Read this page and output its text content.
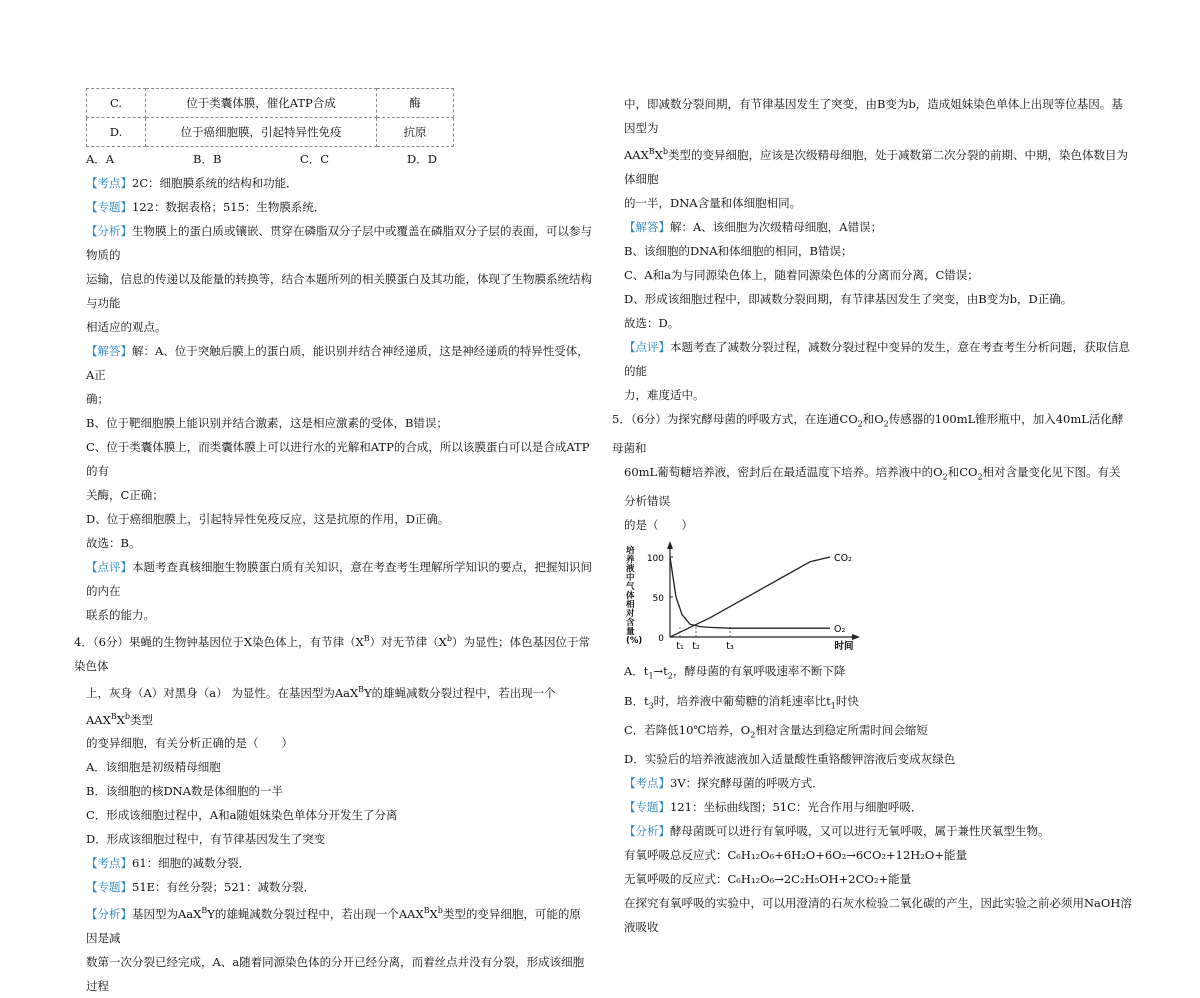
C.	位于类囊体膜，催化ATP合成	酶
D.	位于癌细胞膜，引起特异性免疫	抗原
A．A	B．B	C．C	D．D

【考点】2C：细胞膜系统的结构和功能．

【专题】122：数据表格；515：生物膜系统．

【分析】生物膜上的蛋白质或镶嵌、贯穿在磷脂双分子层中或覆盖在磷脂双分子层的表面，可以参与物质的

运输，信息的传递以及能量的转换等，结合本题所列的相关膜蛋白及其功能，体现了生物膜系统结构与功能

相适应的观点。

【解答】解：A、位于突触后膜上的蛋白质，能识别并结合神经递质，这是神经递质的特异性受体，A正

确；

B、位于靶细胞膜上能识别并结合激素，这是相应激素的受体，B错误；

C、位于类囊体膜上，而类囊体膜上可以进行水的光解和ATP的合成，所以该膜蛋白可以是合成ATP的有

关酶，C正确；

D、位于癌细胞膜上，引起特异性免疫反应，这是抗原的作用，D正确。

故选：B。

【点评】本题考查真核细胞生物膜蛋白质有关知识，意在考查考生理解所学知识的要点，把握知识间的内在

联系的能力。

4．（6分）果蝇的生物钟基因位于X染色体上，有节律$(X^B)$对无节律$(X^b)$为显性；体色基因位于常染色体

上，灰身（A）对黑身（a） 为显性。在基因型为AaX$^B$Y的雄蝇减数分裂过程中，若出现一个$AAX^BX^b$类型

的变异细胞，有关分析正确的是（　　）

A．该细胞是初级精母细胞

B．该细胞的核DNA数是体细胞的一半

C．形成该细胞过程中，A和a随姐妹染色单体分开发生了分离

D．形成该细胞过程中，有节律基因发生了突变

【考点】61：细胞的减数分裂．

【专题】51E：有丝分裂；521：减数分裂．

【分析】基因型为AaX$^B$Y的雄蝇减数分裂过程中，若出现一个$AAX^BX^b$类型的变异细胞，可能的原因是减

数第一次分裂已经完成，A、a随着同源染色体的分开已经分离，而着丝点并没有分裂，形成该细胞过程

中，即减数分裂间期，有节律基因发生了突变，由B变为b，造成姐妹染色单体上出现等位基因。基因型为

$AAX^BX^b$类型的变异细胞，应该是次级精母细胞，处于减数第二次分裂的前期、中期，染色体数目为体细胞

的一半，DNA含量和体细胞相同。

【解答】解：A、该细胞为次级精母细胞，A错误；

B、该细胞的DNA和体细胞的相同，B错误；

C、A和a为与同源染色体上，随着同源染色体的分离而分离，C错误；

D、形成该细胞过程中，即减数分裂间期，有节律基因发生了突变，由B变为b，D正确。

故选：D。

【点评】本题考查了减数分裂过程，减数分裂过程中变异的发生，意在考查考生分析问题，获取信息的能

力，难度适中。

5．（6分）为探究酵母菌的呼吸方式，在连通$CO_2$和$O_2$传感器的100mL锥形瓶中，加入40mL活化酵母菌和

60mL葡萄糖培养液，密封后在最适温度下培养。培养液中的$O_2$和$CO_2$相对含量变化见下图。有关分析错误

的是（　　）

培养液中气体相对含量(%) 0
50
100
t₁ t₂	t₃	时间
CO₂
O₂

A．$t_1\to t_2$，酵母菌的有氧呼吸速率不断下降

B．$t_3$时，培养液中葡萄糖的消耗速率比$t_1$时快

C．若降低10℃培养，$O_2$相对含量达到稳定所需时间会缩短

D．实验后的培养液滤液加入适量酸性重铬酸钾溶液后变成灰绿色

【考点】3V：探究酵母菌的呼吸方式．

【专题】121：坐标曲线图；51C：光合作用与细胞呼吸．

【分析】酵母菌既可以进行有氧呼吸，又可以进行无氧呼吸，属于兼性厌氧型生物。

有氧呼吸总反应式：C₆H₁₂O₆+6H₂O+6O₂→6CO₂+12H₂O+能量

无氧呼吸的反应式：C₆H₁₂O₆→2C₂H₅OH+2CO₂+能量

在探究有氧呼吸的实验中，可以用澄清的石灰水检验二氧化碳的产生，因此实验之前必须用NaOH溶液吸收
